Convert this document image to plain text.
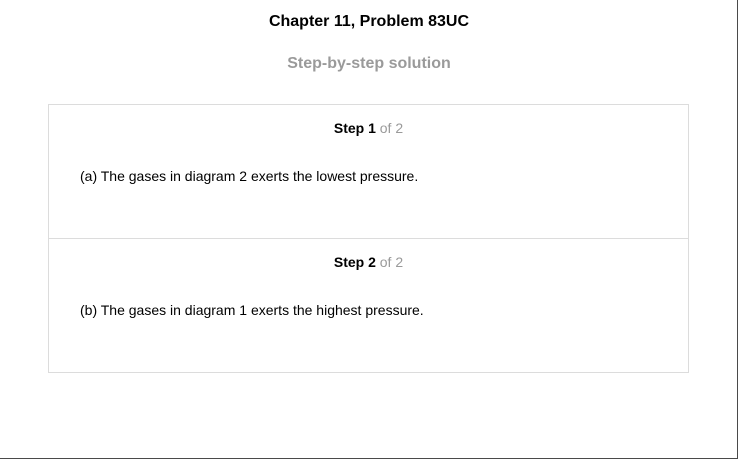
Chapter 11, Problem 83UC
Step-by-step solution
Step 1 of 2
(a) The gases in diagram 2 exerts the lowest pressure.
Step 2 of 2
(b) The gases in diagram 1 exerts the highest pressure.
